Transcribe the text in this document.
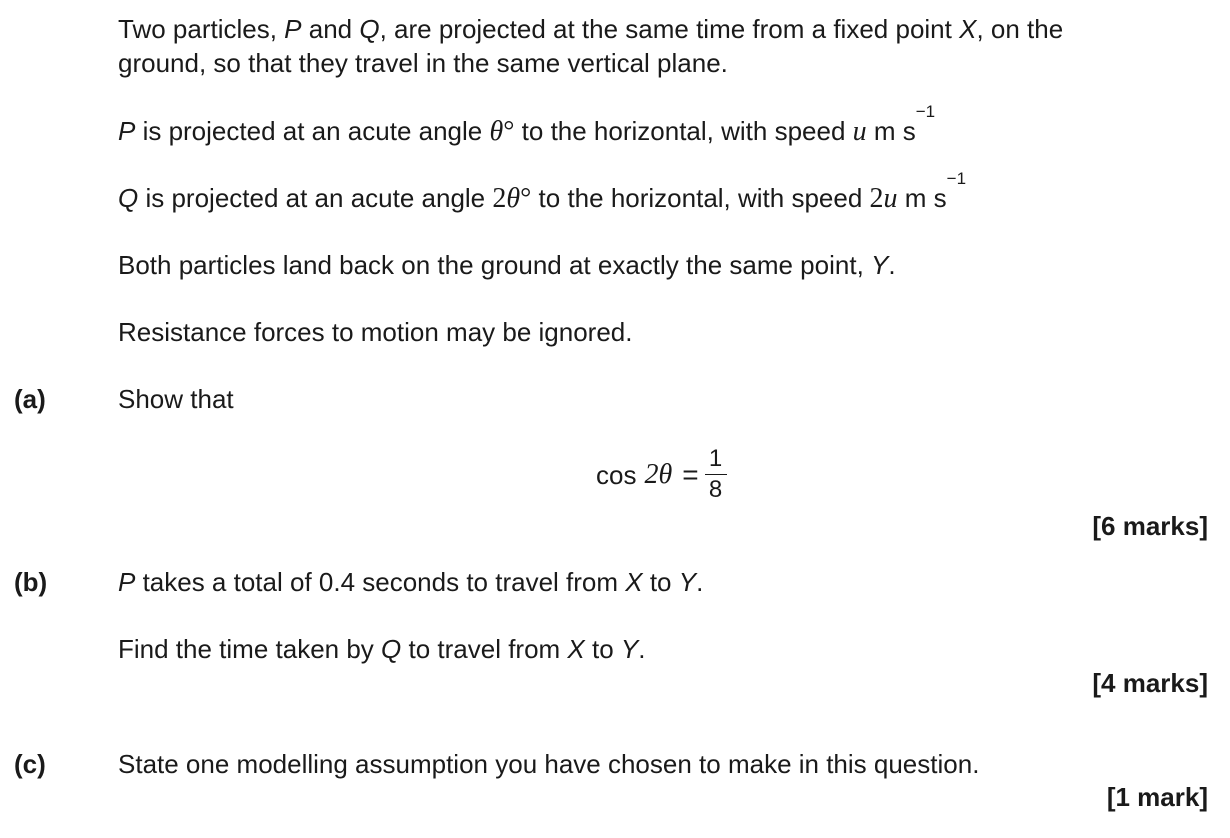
Two particles, P and Q, are projected at the same time from a fixed point X, on the
ground, so that they travel in the same vertical plane.
P is projected at an acute angle θ° to the horizontal, with speed u m $s^{-1}$
Q is projected at an acute angle 2θ° to the horizontal, with speed 2u m $s^{-1}$
Both particles land back on the ground at exactly the same point, Y.
Resistance forces to motion may be ignored.
(a)	Show that
$\cos 2\theta = \frac{1}{8}$
[6 marks]
(b)	P takes a total of 0.4 seconds to travel from X to Y.
Find the time taken by Q to travel from X to Y.
[4 marks]
(c)	State one modelling assumption you have chosen to make in this question.
[1 mark]
